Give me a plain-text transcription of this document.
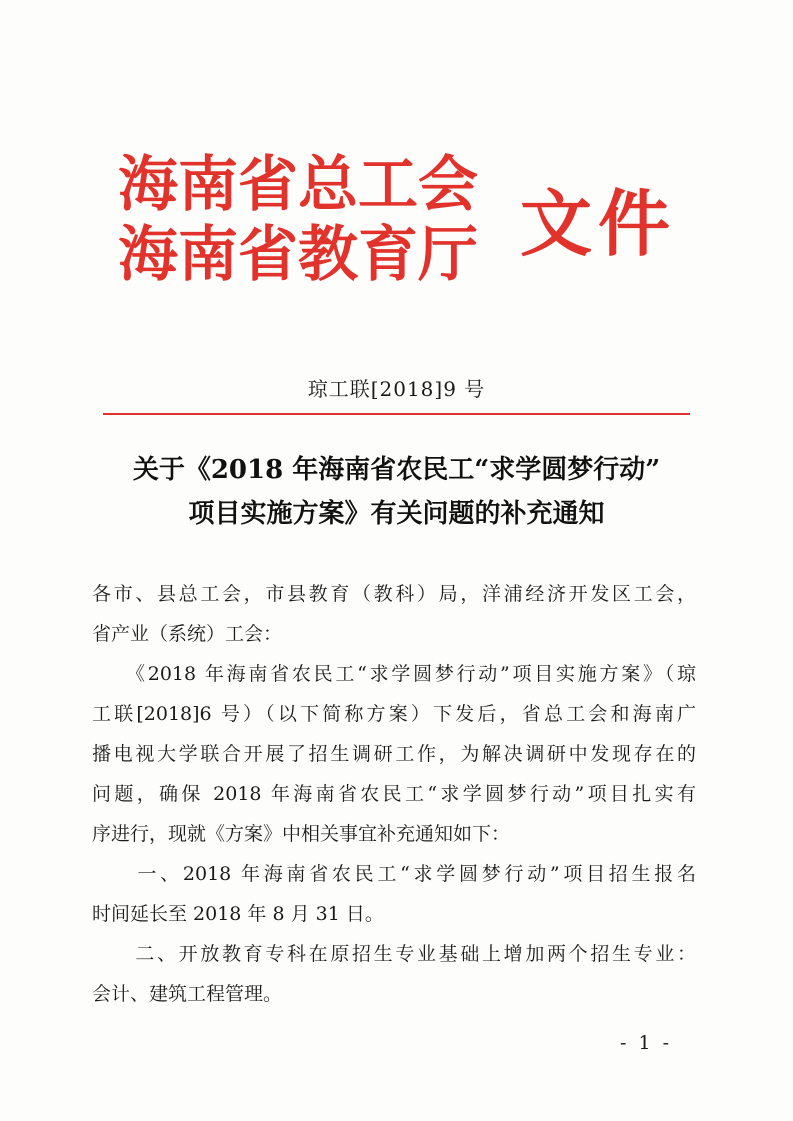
海南省总工会
海南省教育厅 文件
琼工联[2018]9 号
关于《2018 年海南省农民工“求学圆梦行动”
项目实施方案》有关问题的补充通知
各市、县总工会，市县教育（教科）局，洋浦经济开发区工会，
省产业（系统）工会：
　　《2018 年海南省农民工“求学圆梦行动”项目实施方案》（琼
工联[2018]6 号）（以下简称方案）下发后，省总工会和海南广
播电视大学联合开展了招生调研工作，为解决调研中发现存在的
问题，确保 2018 年海南省农民工“求学圆梦行动”项目扎实有
序进行，现就《方案》中相关事宜补充通知如下：
　　一、2018 年海南省农民工“求学圆梦行动”项目招生报名
时间延长至 2018 年 8 月 31 日。
　　二、开放教育专科在原招生专业基础上增加两个招生专业：
会计、建筑工程管理。
- 1 -
